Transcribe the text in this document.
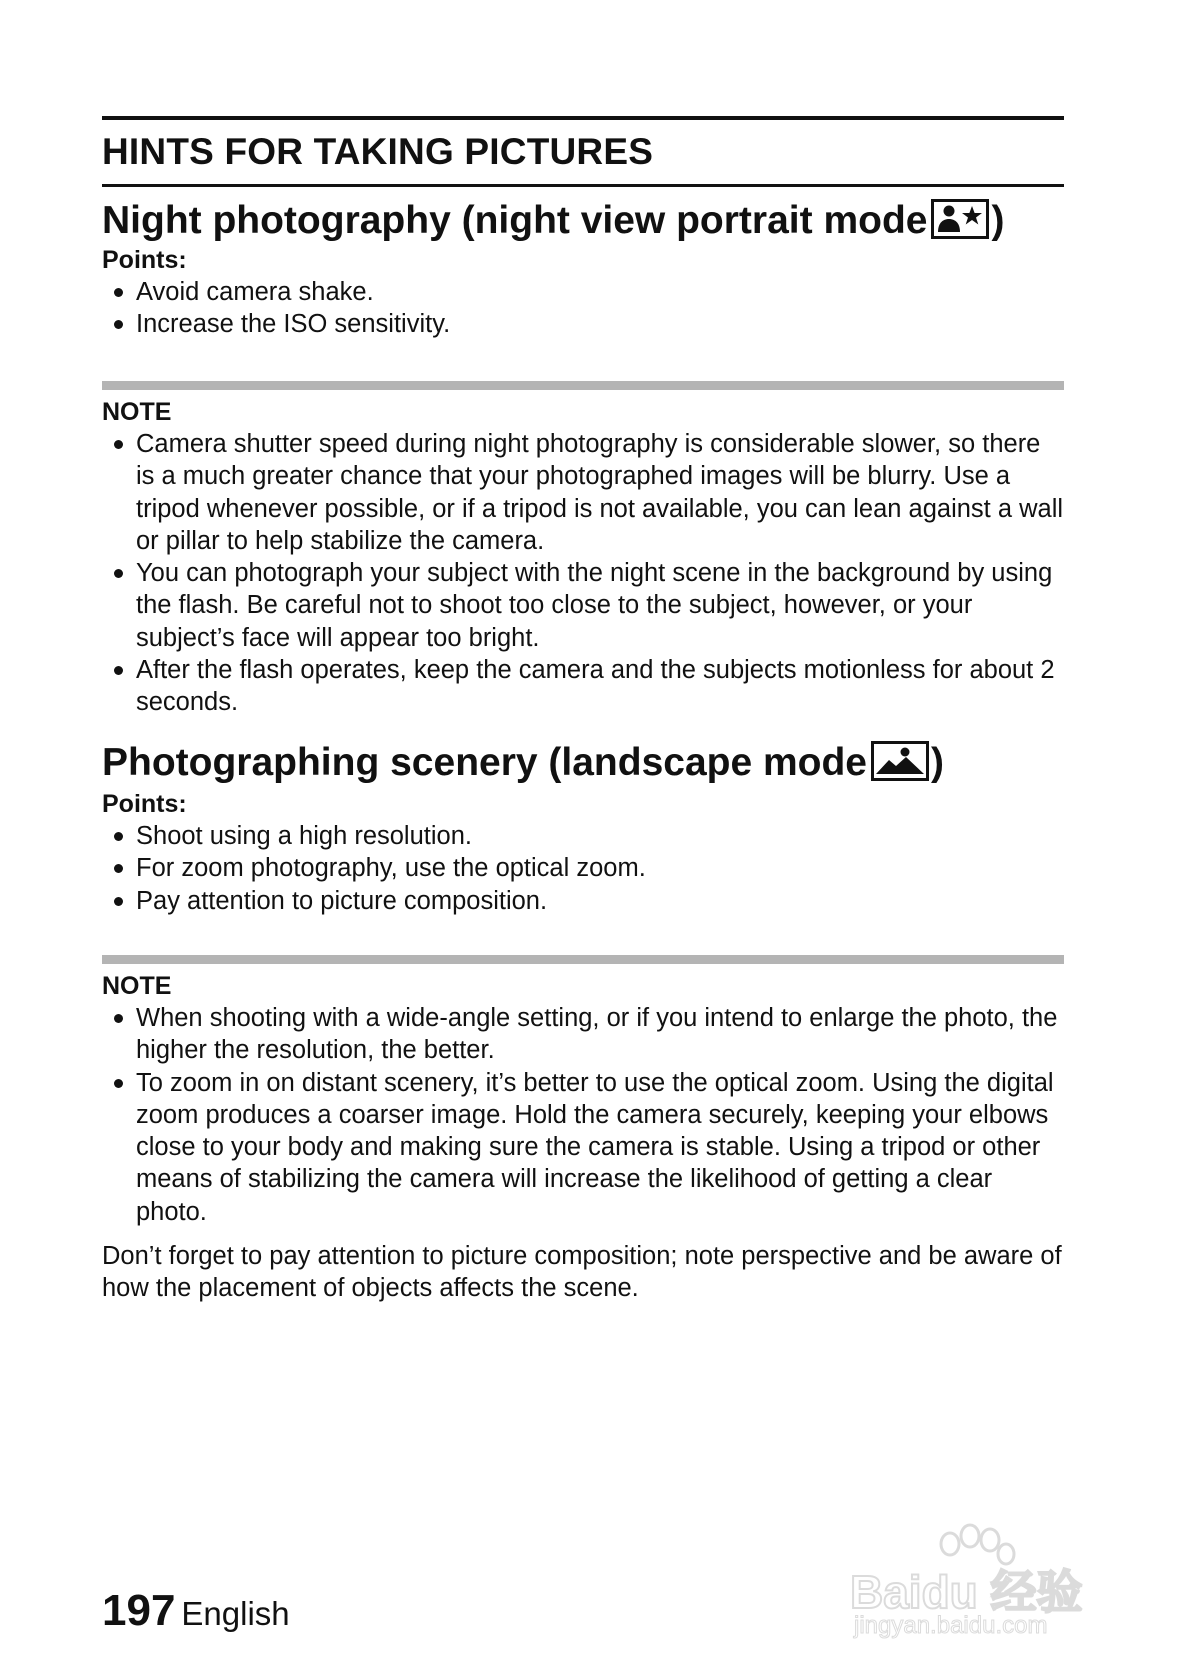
HINTS FOR TAKING PICTURES
Night photography (night view portrait mode )

Points:

Avoid camera shake.
Increase the ISO sensitivity.

NOTE

Camera shutter speed during night photography is considerable slower, so there is a much greater chance that your photographed images will be blurry. Use a tripod whenever possible, or if a tripod is not available, you can lean against a wall or pillar to help stabilize the camera.
You can photograph your subject with the night scene in the background by using the flash. Be careful not to shoot too close to the subject, however, or your subject’s face will appear too bright.
After the flash operates, keep the camera and the subjects motionless for about 2 seconds.
Photographing scenery (landscape mode )

Points:

Shoot using a high resolution.
For zoom photography, use the optical zoom.
Pay attention to picture composition.

NOTE

When shooting with a wide-angle setting, or if you intend to enlarge the photo, the higher the resolution, the better.
To zoom in on distant scenery, it’s better to use the optical zoom. Using the digital zoom produces a coarser image. Hold the camera securely, keeping your elbows close to your body and making sure the camera is stable. Using a tripod or other means of stabilizing the camera will increase the likelihood of getting a clear photo.

Don’t forget to pay attention to picture composition; note perspective and be aware of how the placement of objects affects the scene.

197 English	Baidu 经验
jingyan.baidu.com
